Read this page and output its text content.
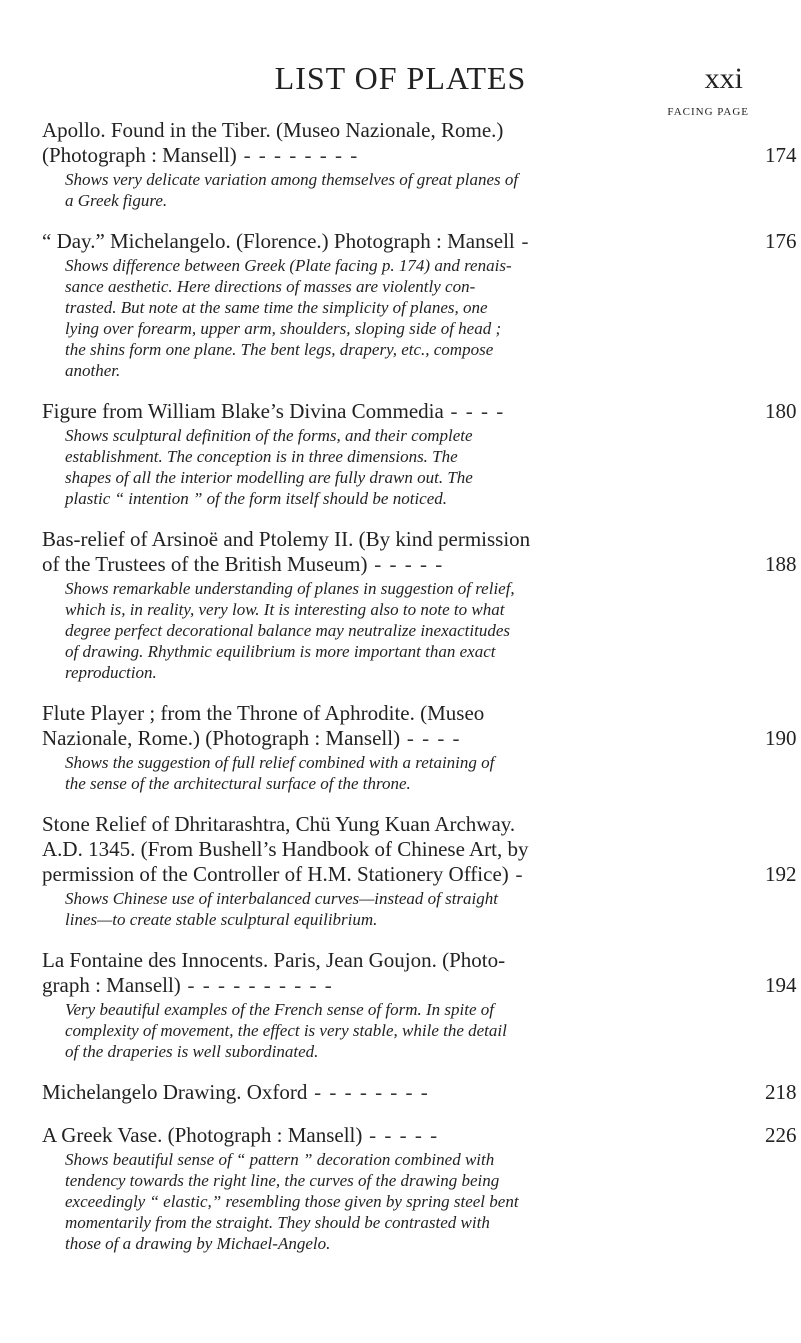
LIST OF PLATES	xxi
FACING PAGE
Apollo. Found in the Tiber. (Museo Nazionale, Rome.)
(Photograph : Mansell) - - - - - - - -	174
Shows very delicate variation among themselves of great planes of
a Greek figure.
“ Day.” Michelangelo. (Florence.) Photograph : Mansell -	176
Shows difference between Greek (Plate facing p. 174) and renais-
sance aesthetic. Here directions of masses are violently con-
trasted. But note at the same time the simplicity of planes, one
lying over forearm, upper arm, shoulders, sloping side of head ;
the shins form one plane. The bent legs, drapery, etc., compose
another.
Figure from William Blake’s Divina Commedia - - - -	180
Shows sculptural definition of the forms, and their complete
establishment. The conception is in three dimensions. The
shapes of all the interior modelling are fully drawn out. The
plastic “ intention ” of the form itself should be noticed.
Bas-relief of Arsinoë and Ptolemy II. (By kind permission
of the Trustees of the British Museum) - - - - -	188
Shows remarkable understanding of planes in suggestion of relief,
which is, in reality, very low. It is interesting also to note to what
degree perfect decorational balance may neutralize inexactitudes
of drawing. Rhythmic equilibrium is more important than exact
reproduction.
Flute Player ; from the Throne of Aphrodite. (Museo
Nazionale, Rome.) (Photograph : Mansell) - - - -	190
Shows the suggestion of full relief combined with a retaining of
the sense of the architectural surface of the throne.
Stone Relief of Dhritarashtra, Chü Yung Kuan Archway.
A.D. 1345. (From Bushell’s Handbook of Chinese Art, by
permission of the Controller of H.M. Stationery Office) -	192
Shows Chinese use of interbalanced curves—instead of straight
lines—to create stable sculptural equilibrium.
La Fontaine des Innocents. Paris, Jean Goujon. (Photo-
graph : Mansell) - - - - - - - - - -	194
Very beautiful examples of the French sense of form. In spite of
complexity of movement, the effect is very stable, while the detail
of the draperies is well subordinated.
Michelangelo Drawing. Oxford - - - - - - - -	218
A Greek Vase. (Photograph : Mansell) - - - - -	226
Shows beautiful sense of “ pattern ” decoration combined with
tendency towards the right line, the curves of the drawing being
exceedingly “ elastic,” resembling those given by spring steel bent
momentarily from the straight. They should be contrasted with
those of a drawing by Michael-Angelo.
